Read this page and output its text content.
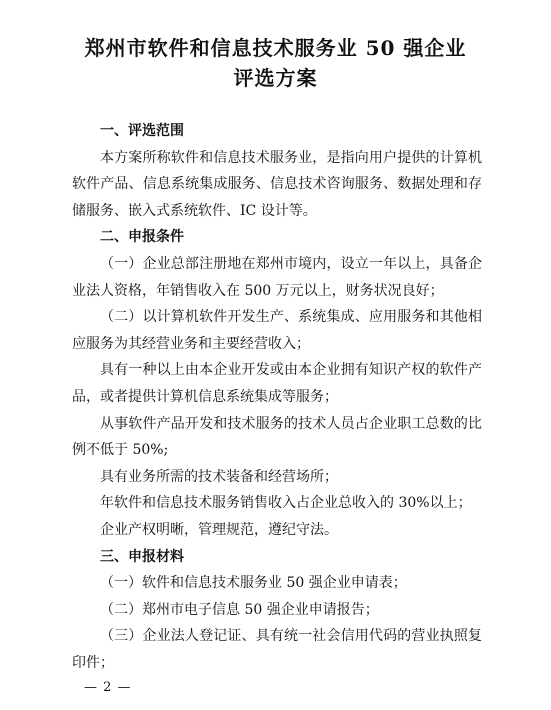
郑州市软件和信息技术服务业 50 强企业
评选方案
一、评选范围
本方案所称软件和信息技术服务业，是指向用户提供的计算机软件产品、信息系统集成服务、信息技术咨询服务、数据处理和存储服务、嵌入式系统软件、IC 设计等。
二、申报条件
（一）企业总部注册地在郑州市境内，设立一年以上，具备企业法人资格，年销售收入在 500 万元以上，财务状况良好；
（二）以计算机软件开发生产、系统集成、应用服务和其他相应服务为其经营业务和主要经营收入；
具有一种以上由本企业开发或由本企业拥有知识产权的软件产品，或者提供计算机信息系统集成等服务；
从事软件产品开发和技术服务的技术人员占企业职工总数的比例不低于 50%;
具有业务所需的技术装备和经营场所；
年软件和信息技术服务销售收入占企业总收入的 30%以上；
企业产权明晰，管理规范，遵纪守法。
三、申报材料
（一）软件和信息技术服务业 50 强企业申请表；
（二）郑州市电子信息 50 强企业申请报告；
（三）企业法人登记证、具有统一社会信用代码的营业执照复印件；
— 2 —
